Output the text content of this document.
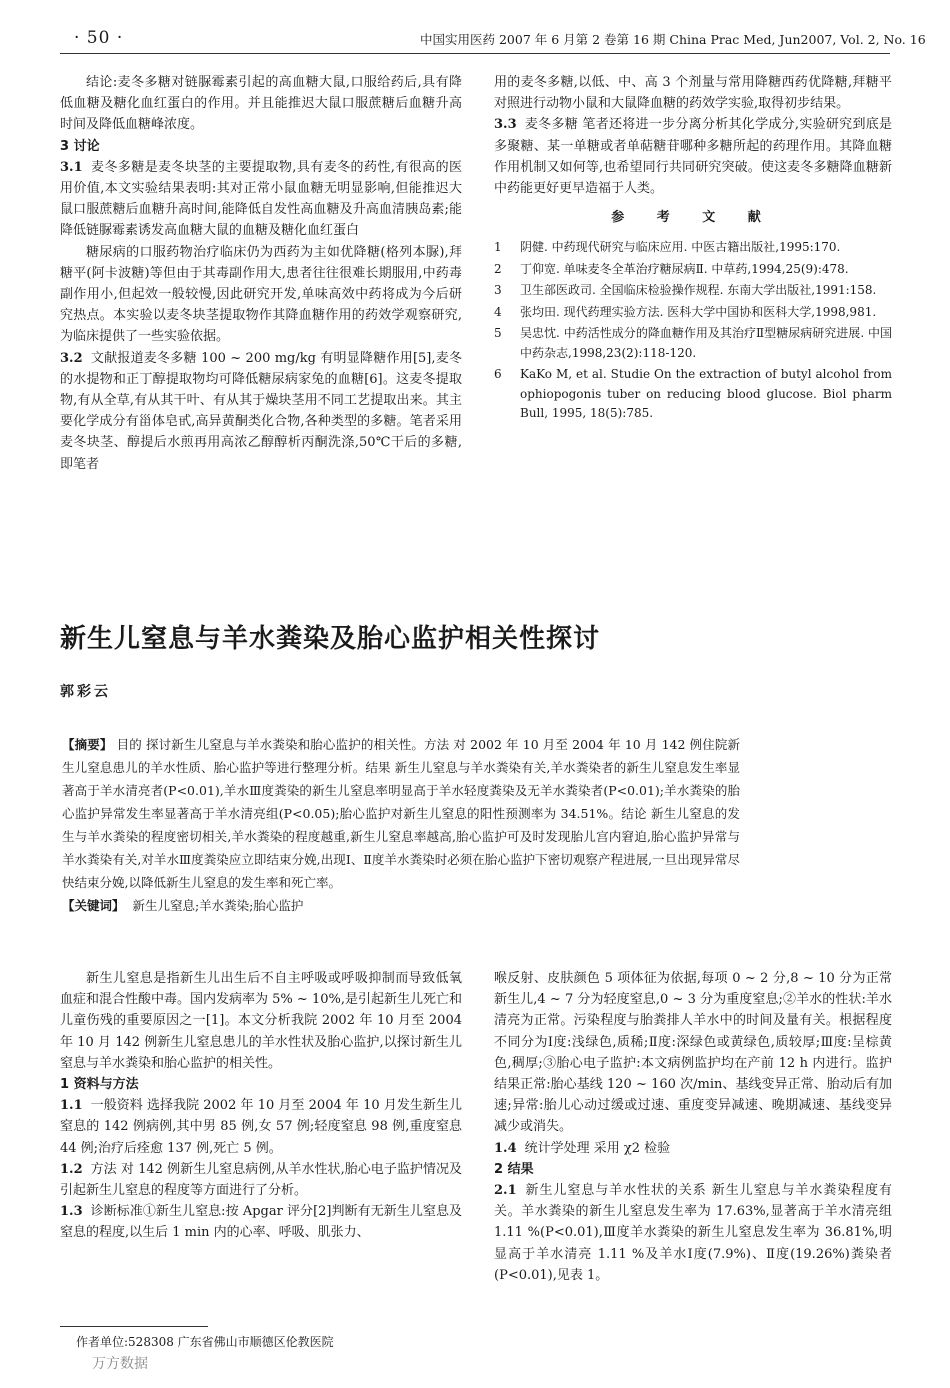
· 50 ·	中国实用医药 2007 年 6 月第 2 卷第 16 期 China Prac Med, Jun2007, Vol. 2, No. 16

结论:麦冬多糖对链脲霉素引起的高血糖大鼠,口服给药后,具有降低血糖及糖化血红蛋白的作用。并且能推迟大鼠口服蔗糖后血糖升高时间及降低血糖峰浓度。

3 讨论

3.1 麦冬多糖是麦冬块茎的主要提取物,具有麦冬的药性,有很高的医用价值,本文实验结果表明:其对正常小鼠血糖无明显影响,但能推迟大鼠口服蔗糖后血糖升高时间,能降低自发性高血糖及升高血清胰岛素;能降低链脲霉素诱发高血糖大鼠的血糖及糖化血红蛋白

糖尿病的口服药物治疗临床仍为西药为主如优降糖(格列本脲),拜糖平(阿卡波糖)等但由于其毒副作用大,患者往往很难长期服用,中药毒副作用小,但起效一般较慢,因此研究开发,单味高效中药将成为今后研究热点。本实验以麦冬块茎提取物作其降血糖作用的药效学观察研究,为临床提供了一些实验依据。

3.2 文献报道麦冬多糖 100 ~ 200 mg/kg 有明显降糖作用[5],麦冬的水提物和正丁醇提取物均可降低糖尿病家兔的血糖[6]。这麦冬提取物,有从全草,有从其干叶、有从其于燥块茎用不同工艺提取出来。其主要化学成分有甾体皂甙,高异黄酮类化合物,各种类型的多糖。笔者采用麦冬块茎、醇提后水煎再用高浓乙醇醇析丙酮洗涤,50℃干后的多糖,即笔者

用的麦冬多糖,以低、中、高 3 个剂量与常用降糖西药优降糖,拜糖平对照进行动物小鼠和大鼠降血糖的药效学实验,取得初步结果。

3.3 麦冬多糖 笔者还将进一步分离分析其化学成分,实验研究到底是多聚糖、某一单糖或者单萜糖苷哪种多糖所起的药理作用。其降血糖作用机制又如何等,也希望同行共同研究突破。使这麦冬多糖降血糖新中药能更好更早造福于人类。

参 考 文 献
1	阴健. 中药现代研究与临床应用. 中医古籍出版社,1995:170.
2	丁仰宽. 单味麦冬全革治疗糖尿病Ⅱ. 中草药,1994,25(9):478.
3	卫生部医政司. 全国临床检验操作规程. 东南大学出版社,1991:158.
4	张均田. 现代药理实验方法. 医科大学中国协和医科大学,1998,981.
5	吴忠忱. 中药活性成分的降血糖作用及其治疗Ⅱ型糖尿病研究进展. 中国中药杂志,1998,23(2):118-120.
6	KaKo M, et al. Studie On the extraction of butyl alcohol from ophiopogonis tuber on reducing blood glucose. Biol pharm Bull, 1995, 18(5):785.
新生儿窒息与羊水粪染及胎心监护相关性探讨
郭彩云

【摘要】 目的 探讨新生儿窒息与羊水粪染和胎心监护的相关性。方法 对 2002 年 10 月至 2004 年 10 月 142 例住院新生儿窒息患儿的羊水性质、胎心监护等进行整理分析。结果 新生儿窒息与羊水粪染有关,羊水粪染者的新生儿窒息发生率显著高于羊水清亮者(P<0.01),羊水Ⅲ度粪染的新生儿窒息率明显高于羊水轻度粪染及无羊水粪染者(P<0.01);羊水粪染的胎心监护异常发生率显著高于羊水清亮组(P<0.05);胎心监护对新生儿窒息的阳性预测率为 34.51%。结论 新生儿窒息的发生与羊水粪染的程度密切相关,羊水粪染的程度越重,新生儿窒息率越高,胎心监护可及时发现胎儿宫内窘迫,胎心监护异常与羊水粪染有关,对羊水Ⅲ度粪染应立即结束分娩,出现Ⅰ、Ⅱ度羊水粪染时必须在胎心监护下密切观察产程进展,一旦出现异常尽快结束分娩,以降低新生儿窒息的发生率和死亡率。

【关键词】 新生儿窒息;羊水粪染;胎心监护

新生儿窒息是指新生儿出生后不自主呼吸或呼吸抑制而导致低氧血症和混合性酸中毒。国内发病率为 5% ~ 10%,是引起新生儿死亡和儿童伤残的重要原因之一[1]。本文分析我院 2002 年 10 月至 2004 年 10 月 142 例新生儿窒息患儿的羊水性状及胎心监护,以探讨新生儿窒息与羊水粪染和胎心监护的相关性。

1 资料与方法

1.1 一般资料 选择我院 2002 年 10 月至 2004 年 10 月发生新生儿窒息的 142 例病例,其中男 85 例,女 57 例;轻度窒息 98 例,重度窒息 44 例;治疗后痊愈 137 例,死亡 5 例。

1.2 方法 对 142 例新生儿窒息病例,从羊水性状,胎心电子监护情况及引起新生儿窒息的程度等方面进行了分析。

1.3 诊断标准①新生儿窒息:按 Apgar 评分[2]判断有无新生儿窒息及窒息的程度,以生后 1 min 内的心率、呼吸、肌张力、

喉反射、皮肤颜色 5 项体征为依据,每项 0 ~ 2 分,8 ~ 10 分为正常新生儿,4 ~ 7 分为轻度窒息,0 ~ 3 分为重度窒息;②羊水的性状:羊水清亮为正常。污染程度与胎粪排人羊水中的时间及量有关。根据程度不同分为Ⅰ度:浅绿色,质稀;Ⅱ度:深绿色或黄绿色,质较厚;Ⅲ度:呈棕黄色,稠厚;③胎心电子监护:本文病例监护均在产前 12 h 内进行。监护结果正常:胎心基线 120 ~ 160 次/min、基线变异正常、胎动后有加速;异常:胎儿心动过缓或过速、重度变异减速、晚期减速、基线变异减少或消失。

1.4 统计学处理 采用 χ2 检验

2 结果

2.1 新生儿窒息与羊水性状的关系 新生儿窒息与羊水粪染程度有关。羊水粪染的新生儿窒息发生率为 17.63%,显著高于羊水清亮组 1.11 %(P<0.01),Ⅲ度羊水粪染的新生儿窒息发生率为 36.81%,明显高于羊水清亮 1.11 %及羊水Ⅰ度(7.9%)、Ⅱ度(19.26%)粪染者(P<0.01),见表 1。

作者单位:528308 广东省佛山市顺德区伦教医院
万方数据
